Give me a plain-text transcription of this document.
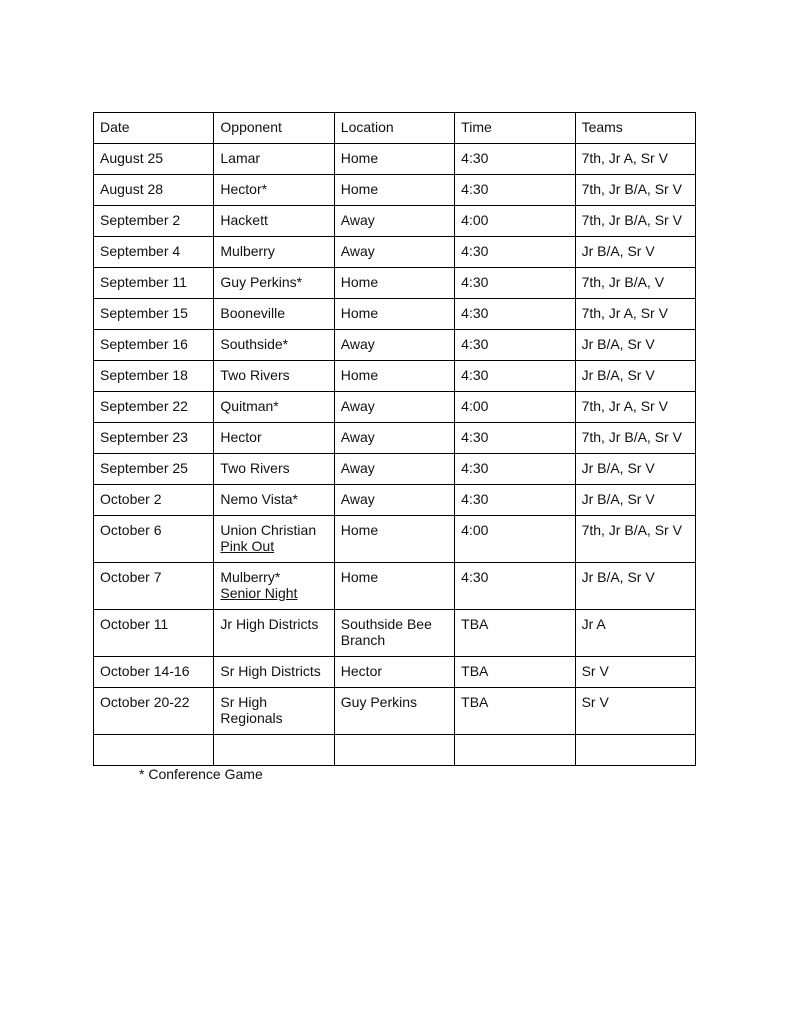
Date	Opponent	Location	Time	Teams

August 25	Lamar	Home	4:30	7th, Jr A, Sr V

August 28	Hector*	Home	4:30	7th, Jr B/A, Sr V

September 2	Hackett	Away	4:00	7th, Jr B/A, Sr V

September 4	Mulberry	Away	4:30	Jr B/A, Sr V

September 11	Guy Perkins*	Home	4:30	7th, Jr B/A, V

September 15	Booneville	Home	4:30	7th, Jr A, Sr V

September 16	Southside*	Away	4:30	Jr B/A, Sr V

September 18	Two Rivers	Home	4:30	Jr B/A, Sr V

September 22	Quitman*	Away	4:00	7th, Jr A, Sr V

September 23	Hector	Away	4:30	7th, Jr B/A, Sr V

September 25	Two Rivers	Away	4:30	Jr B/A, Sr V

October 2	Nemo Vista*	Away	4:30	Jr B/A, Sr V

October 6	Union Christian
Pink Out	Home	4:00	7th, Jr B/A, Sr V

October 7	Mulberry*
Senior Night	Home	4:30	Jr B/A, Sr V

October 11	Jr High Districts	Southside Bee
Branch	TBA	Jr A

October 14-16	Sr High Districts	Hector	TBA	Sr V

October 20-22	Sr High
Regionals	Guy Perkins	TBA	Sr V

* Conference Game
